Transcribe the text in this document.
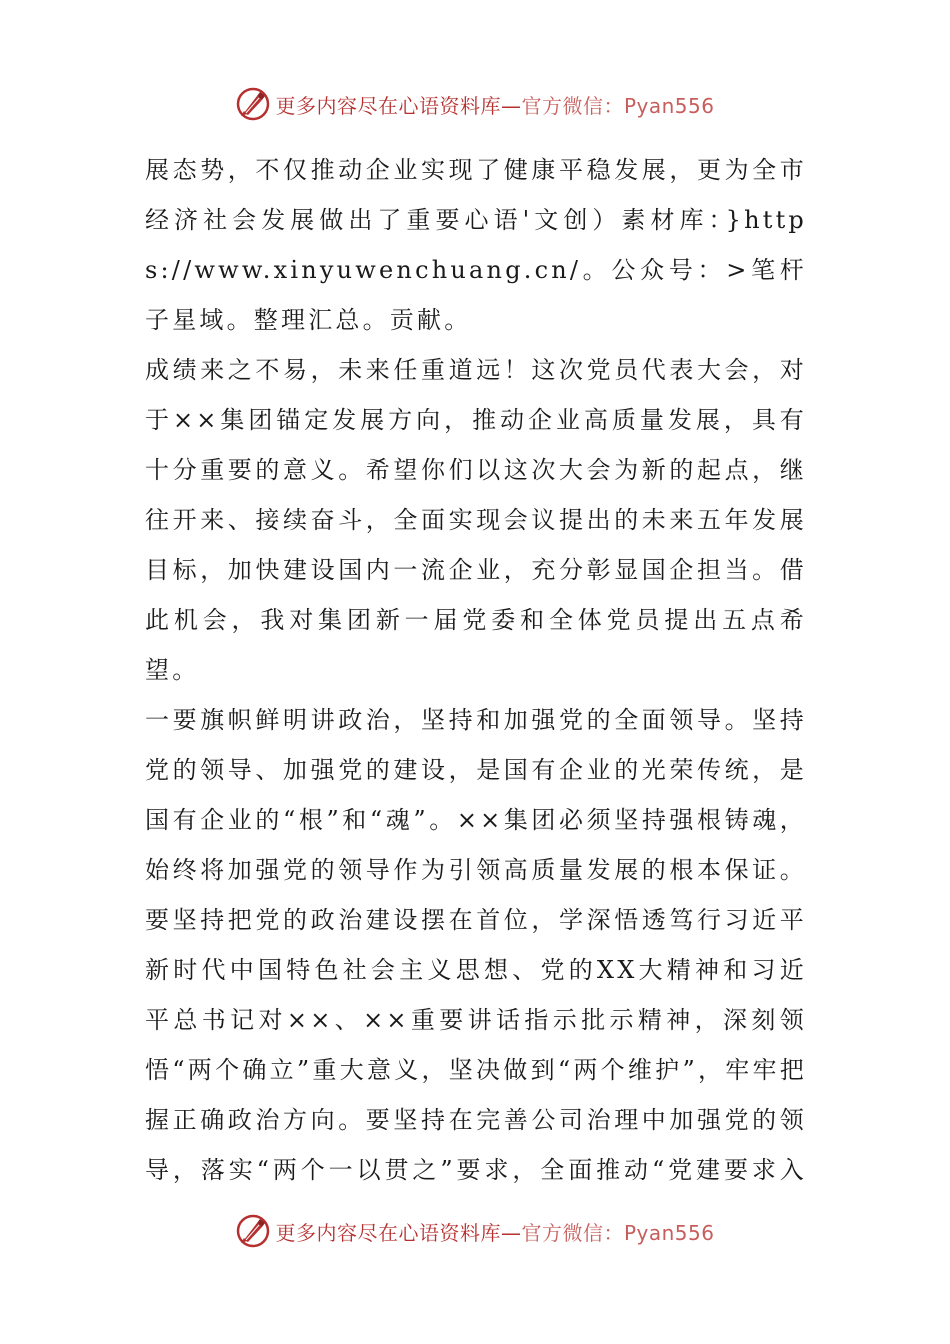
更多内容尽在心语资料库—官方微信：Pyan556

展态势，不仅推动企业实现了健康平稳发展，更为全市经济社会发展做出了重要心语'文创）素材库：}https://www.xinyuwenchuang.cn/。公众号：>笔杆子星域。整理汇总。贡献。

成绩来之不易，未来任重道远！这次党员代表大会，对于××集团锚定发展方向，推动企业高质量发展，具有十分重要的意义。希望你们以这次大会为新的起点，继往开来、接续奋斗，全面实现会议提出的未来五年发展目标，加快建设国内一流企业，充分彰显国企担当。借此机会，我对集团新一届党委和全体党员提出五点希望。

一要旗帜鲜明讲政治，坚持和加强党的全面领导。坚持党的领导、加强党的建设，是国有企业的光荣传统，是国有企业的“根”和“魂”。××集团必须坚持强根铸魂，始终将加强党的领导作为引领高质量发展的根本保证。要坚持把党的政治建设摆在首位，学深悟透笃行习近平新时代中国特色社会主义思想、党的XX大精神和习近平总书记对××、××重要讲话指示批示精神，深刻领悟“两个确立”重大意义，坚决做到“两个维护”，牢牢把握正确政治方向。要坚持在完善公司治理中加强党的领导，落实“两个一以贯之”要求，全面推动“党建要求入

更多内容尽在心语资料库—官方微信：Pyan556
